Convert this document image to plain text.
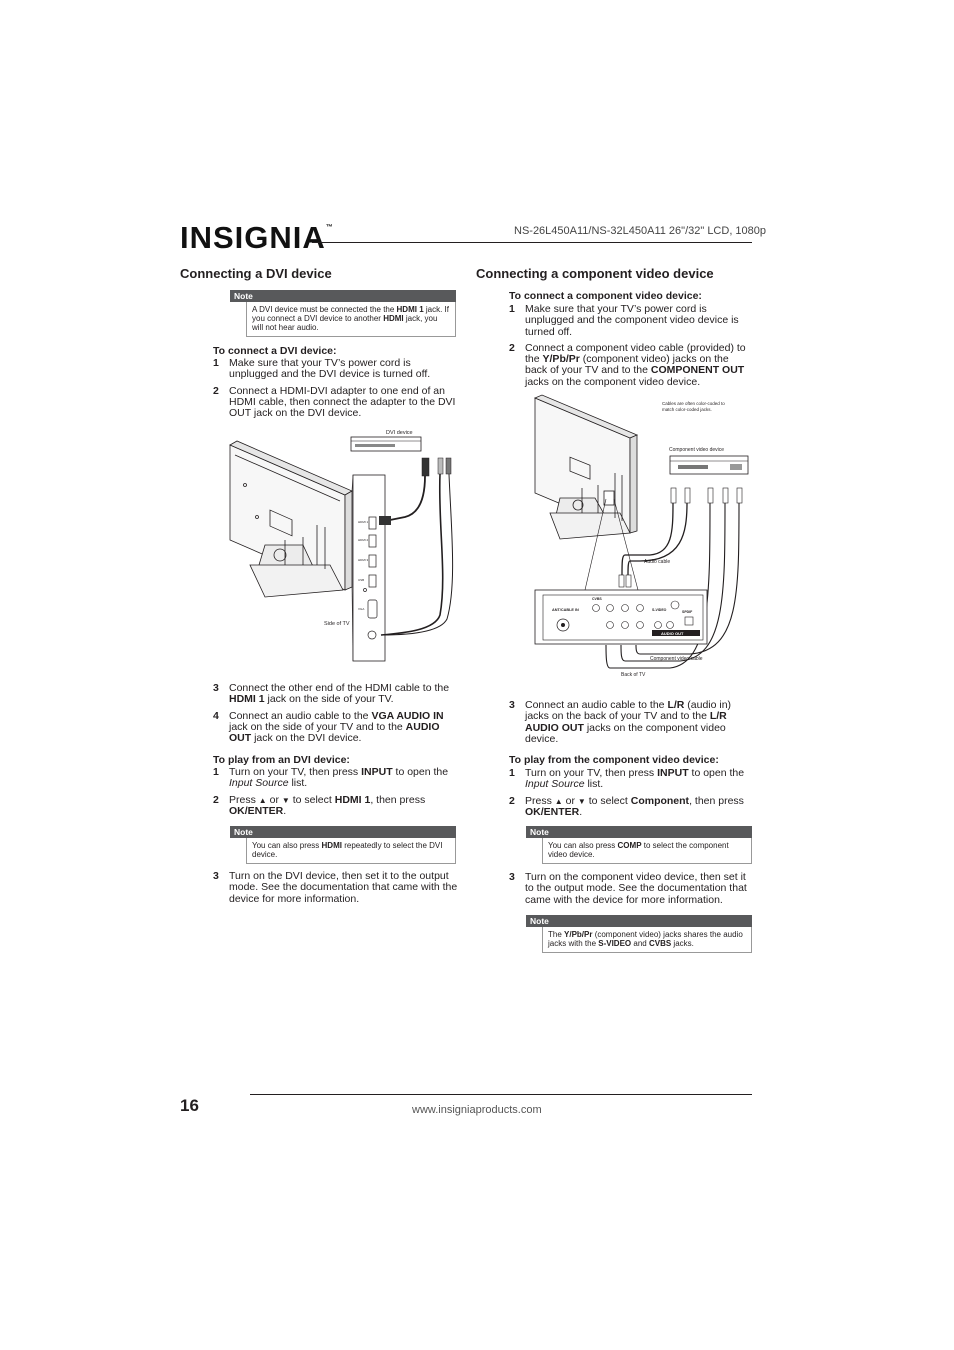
INSIGNIA™	NS-26L450A11/NS-32L450A11 26"/32" LCD, 1080p
Connecting a DVI device
Note
A DVI device must be connected the the HDMI 1 jack. If you connect a DVI device to another HDMI jack, you will not hear audio.
To connect a DVI device:
1 Make sure that your TV’s power cord is unplugged and the DVI device is turned off.
2 Connect a HDMI-DVI adapter to one end of an HDMI cable, then connect the adapter to the DVI OUT jack on the DVI device.
HDMI 1
HDMI 2
HDMI 3
USB
VGA
DVI device
Side of TV
3 Connect the other end of the HDMI cable to the HDMI 1 jack on the side of your TV.
4 Connect an audio cable to the VGA AUDIO IN jack on the side of your TV and to the AUDIO OUT jack on the DVI device.
To play from an DVI device:
1 Turn on your TV, then press INPUT to open the Input Source list.
2 Press ▲ or ▼ to select HDMI 1, then press OK/ENTER.
Note
You can also press HDMI repeatedly to select the DVI device.
3 Turn on the DVI device, then set it to the output mode. See the documentation that came with the device for more information.
Connecting a component video device
To connect a component video device:
1 Make sure that your TV’s power cord is unplugged and the component video device is turned off.
2 Connect a component video cable (provided) to the Y/Pb/Pr (component video) jacks on the back of your TV and to the COMPONENT OUT jacks on the component video device.
Component video device
Cables are often color-coded to
match color-coded jacks.
Audio cable
ANT/CABLE IN
CVBS
S-VIDEO	SPDIF
AUDIO OUT
Component video cable
Back of TV
3 Connect an audio cable to the L/R (audio in) jacks on the back of your TV and to the L/R AUDIO OUT jacks on the component video device.
To play from the component video device:
1 Turn on your TV, then press INPUT to open the Input Source list.
2 Press ▲ or ▼ to select Component, then press OK/ENTER.
Note
You can also press COMP to select the component video device.
3 Turn on the component video device, then set it to the output mode. See the documentation that came with the device for more information.
Note
The Y/Pb/Pr (component video) jacks shares the audio jacks with the S-VIDEO and CVBS jacks.
16	www.insigniaproducts.com
